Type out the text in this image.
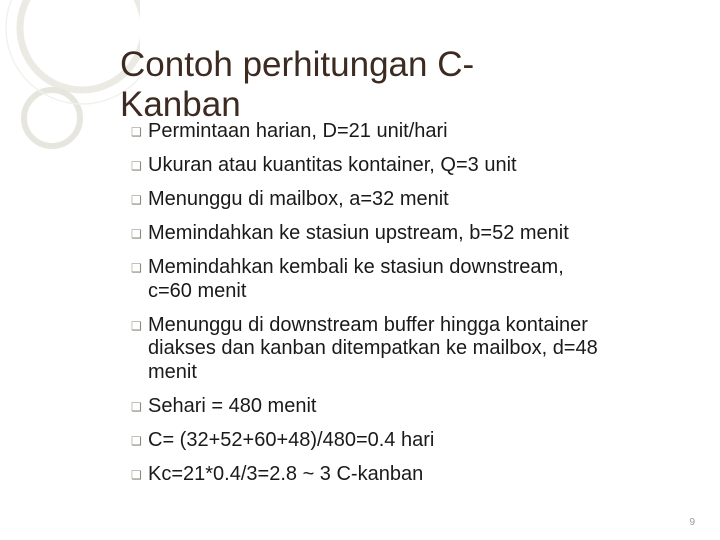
Contoh perhitungan C-
Kanban
❑ Permintaan harian, D=21 unit/hari
❑ Ukuran atau kuantitas kontainer, Q=3 unit
❑ Menunggu di mailbox, a=32 menit
❑ Memindahkan ke stasiun upstream, b=52 menit
❑ Memindahkan kembali ke stasiun downstream,
c=60 menit
❑ Menunggu di downstream buffer hingga kontainer
diakses dan kanban ditempatkan ke mailbox, d=48
menit
❑ Sehari = 480 menit
❑ C= (32+52+60+48)/480=0.4 hari
❑ Kc=21*0.4/3=2.8 ~ 3 C-kanban
9
